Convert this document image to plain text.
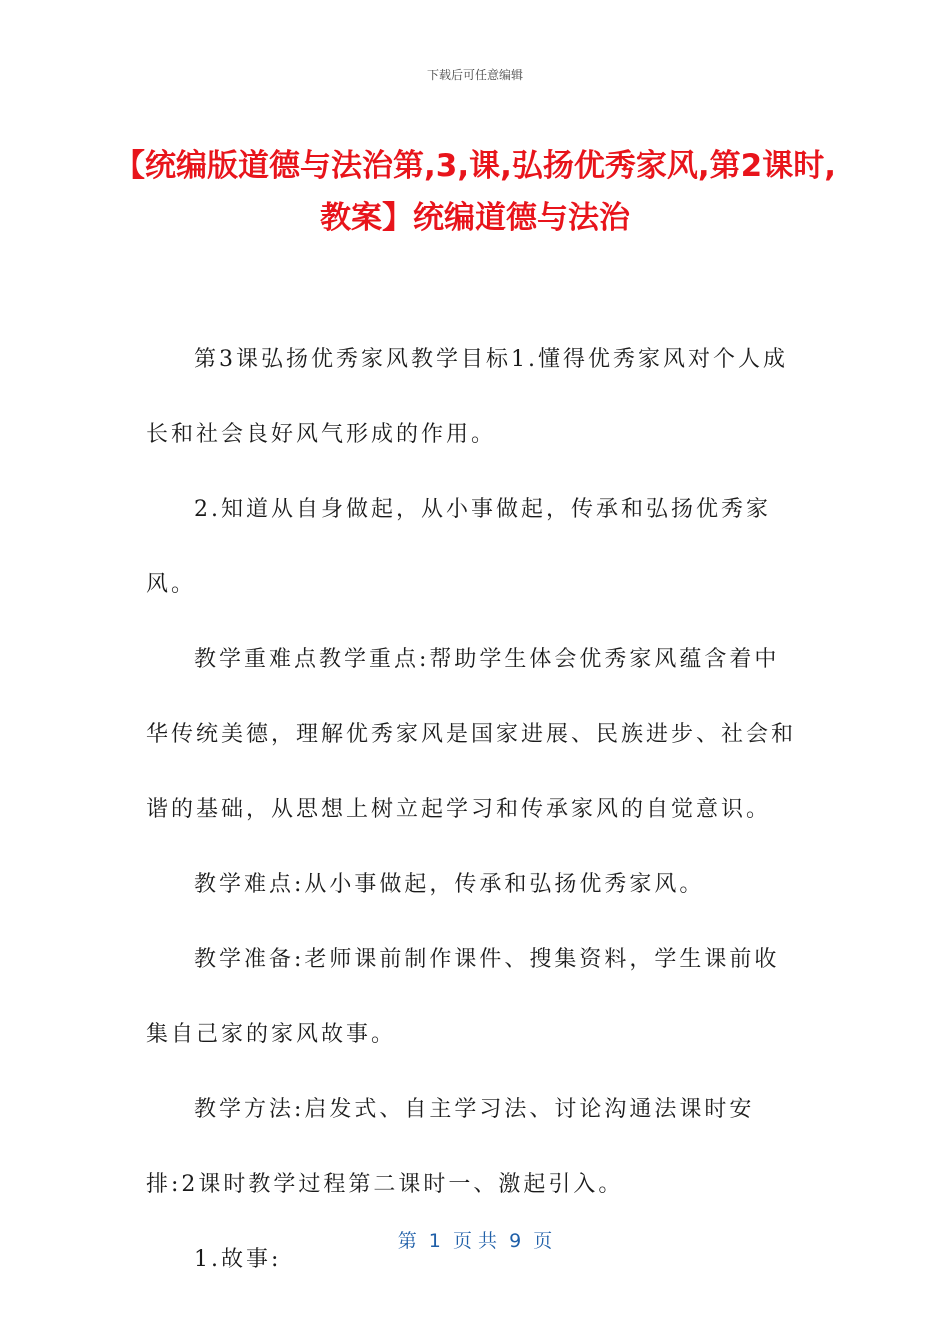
下载后可任意编辑
【统编版道德与法治第,3,课,弘扬优秀家风,第2课时,教案】统编道德与法治

第3课弘扬优秀家风教学目标1.懂得优秀家风对个人成长和社会良好风气形成的作用。

2.知道从自身做起，从小事做起，传承和弘扬优秀家风。

教学重难点教学重点:帮助学生体会优秀家风蕴含着中华传统美德，理解优秀家风是国家进展、民族进步、社会和谐的基础，从思想上树立起学习和传承家风的自觉意识。

教学难点:从小事做起，传承和弘扬优秀家风。

教学准备:老师课前制作课件、搜集资料，学生课前收集自己家的家风故事。

教学方法:启发式、自主学习法、讨论沟通法课时安排:2课时教学过程第二课时一、激起引入。

1.故事:

第  1  页 共  9  页
